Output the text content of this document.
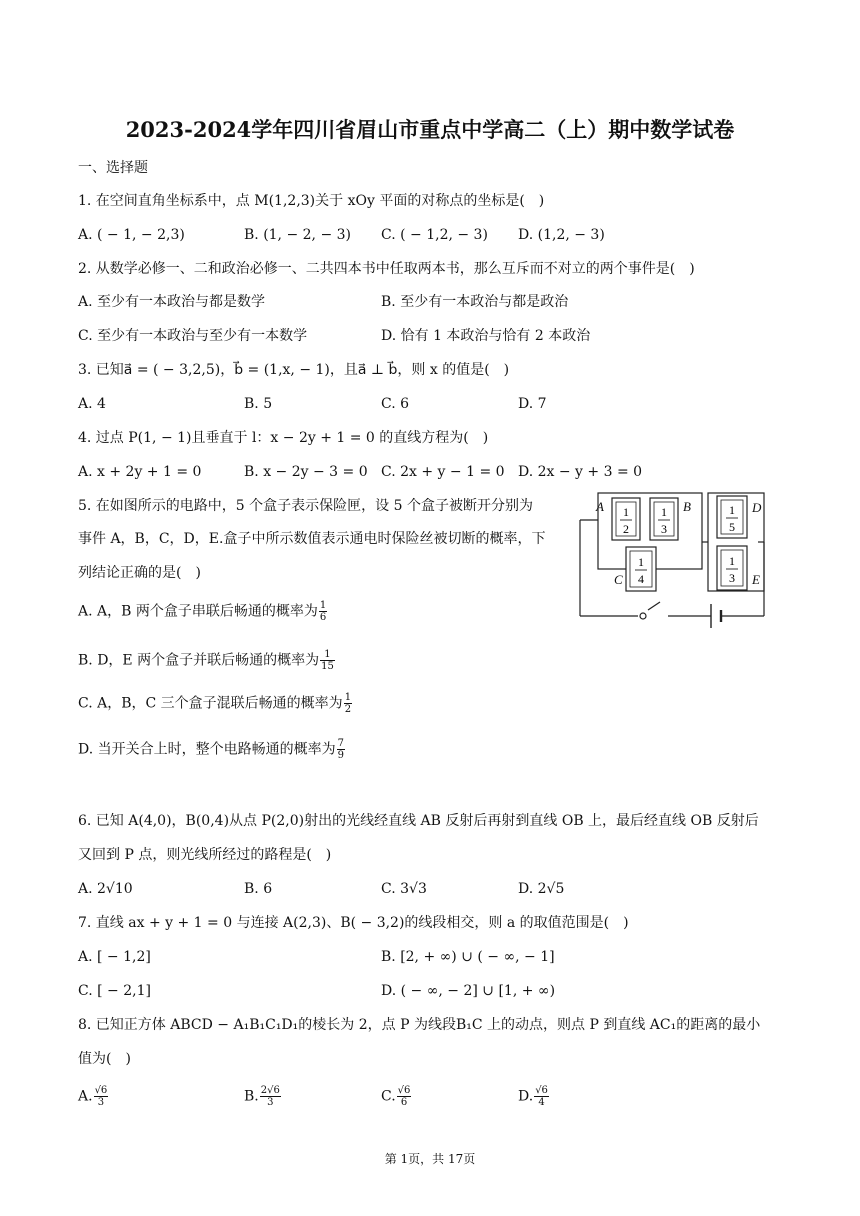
2023-2024学年四川省眉山市重点中学高二（上）期中数学试卷
一、选择题
1. 在空间直角坐标系中，点 M(1,2,3)关于 xOy 平面的对称点的坐标是(　)
A. ( − 1, − 2,3)	B. (1, − 2, − 3) C. ( − 1,2, − 3) D. (1,2, − 3)
2. 从数学必修一、二和政治必修一、二共四本书中任取两本书，那么互斥而不对立的两个事件是(　)
A. 至少有一本政治与都是数学	B. 至少有一本政治与都是政治
C. 至少有一本政治与至少有一本数学	D. 恰有 1 本政治与恰有 2 本政治
3. 已知a⃗ = ( − 3,2,5)，b⃗ = (1,x, − 1)，且a⃗ ⊥ b⃗，则 x 的值是(　)
A. 4	B. 5	C. 6	D. 7
4. 过点 P(1, − 1)且垂直于 l：x − 2y + 1 = 0 的直线方程为(　)
A. x + 2y + 1 = 0	B. x − 2y − 3 = 0 C. 2x + y − 1 = 0 D. 2x − y + 3 = 0
5. 在如图所示的电路中，5 个盒子表示保险匣，设 5 个盒子被断开分别为
事件 A，B，C，D，E.盒子中所示数值表示通电时保险丝被切断的概率，下
列结论正确的是(　)
A. A，B 两个盒子串联后畅通的概率为 $\frac{1}{6}$
B. D，E 两个盒子并联后畅通的概率为 $\frac{1}{15}$
C. A，B，C 三个盒子混联后畅通的概率为 $\frac{1}{2}$
D. 当开关合上时，整个电路畅通的概率为 $\frac{7}{9}$
1
2
1
3
1
4
1
5
1
3
A	B
C
D
E
6. 已知 A(4,0)，B(0,4)从点 P(2,0)射出的光线经直线 AB 反射后再射到直线 OB 上，最后经直线 OB 反射后
又回到 P 点，则光线所经过的路程是(　)
A. 2√10	B. 6	C. 3√3	D. 2√5
7. 直线 ax + y + 1 = 0 与连接 A(2,3)、B( − 3,2)的线段相交，则 a 的取值范围是(　)
A. [ − 1,2]	B. [2, + ∞) ∪ ( − ∞, − 1]
C. [ − 2,1]	D. ( − ∞, − 2] ∪ [1, + ∞)
8. 已知正方体 ABCD − A₁B₁C₁D₁的棱长为 2，点 P 为线段B₁C 上的动点，则点 P 到直线 AC₁的距离的最小
值为(　)
A. $\frac{√6}{3}$	B. $\frac{2√6}{3}$	C. $\frac{√6}{6}$	D. $\frac{√6}{4}$
第 1页，共 17页
